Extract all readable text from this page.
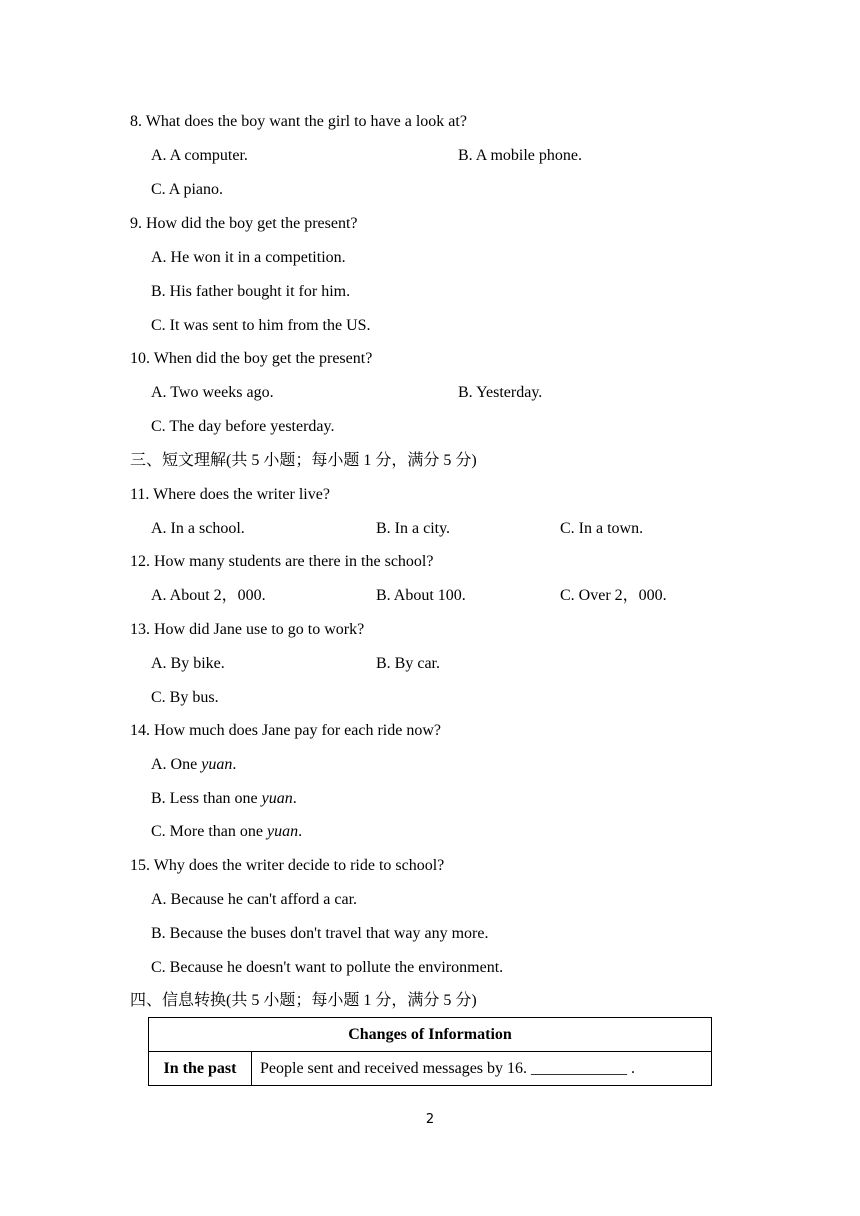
8. What does the boy want the girl to have a look at?
A. A computer.	B. A mobile phone.
C. A piano.
9. How did the boy get the present?
A. He won it in a competition.
B. His father bought it for him.
C. It was sent to him from the US.
10. When did the boy get the present?
A. Two weeks ago.	B. Yesterday.
C. The day before yesterday.
三、短文理解(共 5 小题；每小题 1 分，满分 5 分)
11. Where does the writer live?
A. In a school.	B. In a city.	C. In a town.
12. How many students are there in the school?
A. About 2，000.	B. About 100.	C. Over 2，000.
13. How did Jane use to go to work?
A. By bike.	B. By car.
C. By bus.
14. How much does Jane pay for each ride now?
A. One yuan.
B. Less than one yuan.
C. More than one yuan.
15. Why does the writer decide to ride to school?
A. Because he can't afford a car.
B. Because the buses don't travel that way any more.
C. Because he doesn't want to pollute the environment.
四、信息转换(共 5 小题；每小题 1 分，满分 5 分)
Changes of Information
In the past	People sent and received messages by 16. ____________ .
2
